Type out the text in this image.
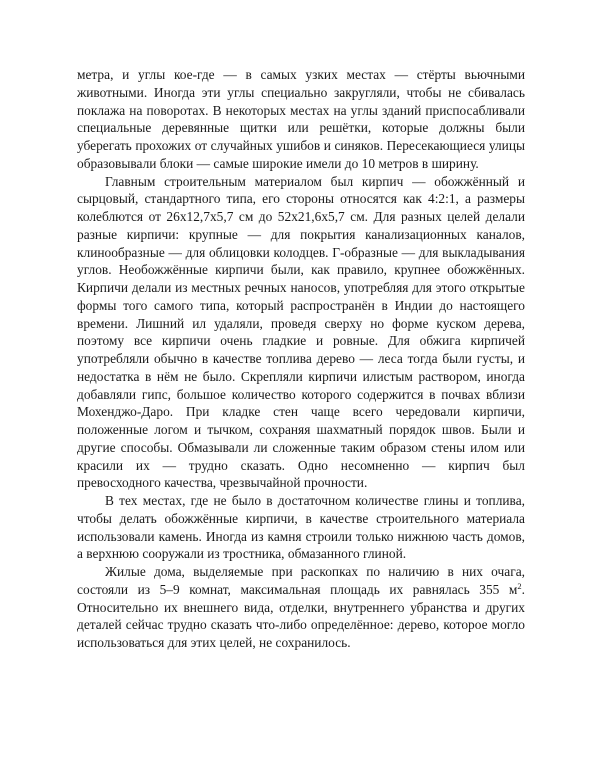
метра, и углы кое-где — в самых узких местах — стёрты вьючными животными. Иногда эти углы специально закругляли, чтобы не сбивалась поклажа на поворотах. В некоторых местах на углы зданий приспосабливали специальные деревянные щитки или решётки, которые должны были уберегать прохожих от случайных ушибов и синяков. Пересекающиеся улицы образовывали блоки — самые широкие имели до 10 метров в ширину.

Главным строительным материалом был кирпич — обожжённый и сырцовый, стандартного типа, его стороны относятся как 4:2:1, а размеры колеблются от 26х12,7х5,7 см до 52х21,6х5,7 см. Для разных целей делали разные кирпичи: крупные — для покрытия канализационных каналов, клинообразные — для облицовки колодцев. Г-образные — для выкладывания углов. Необожжённые кирпичи были, как правило, крупнее обожжённых. Кирпичи делали из местных речных наносов, употребляя для этого открытые формы того самого типа, который распространён в Индии до настоящего времени. Лишний ил удаляли, проведя сверху но форме куском дерева, поэтому все кирпичи очень гладкие и ровные. Для обжига кирпичей употребляли обычно в качестве топлива дерево — леса тогда были густы, и недостатка в нём не было. Скрепляли кирпичи илистым раствором, иногда добавляли гипс, большое количество которого содержится в почвах вблизи Мохенджо-Даро. При кладке стен чаще всего чередовали кирпичи, положенные логом и тычком, сохраняя шахматный порядок швов. Были и другие способы. Обмазывали ли сложенные таким образом стены илом или красили их — трудно сказать. Одно несомненно — кирпич был превосходного качества, чрезвычайной прочности.

В тех местах, где не было в достаточном количестве глины и топлива, чтобы делать обожжённые кирпичи, в качестве строительного материала использовали камень. Иногда из камня строили только нижнюю часть домов, а верхнюю сооружали из тростника, обмазанного глиной.

Жилые дома, выделяемые при раскопках по наличию в них очага, состояли из 5–9 комнат, максимальная площадь их равнялась 355 $м^2$. Относительно их внешнего вида, отделки, внутреннего убранства и других деталей сейчас трудно сказать что-либо определённое: дерево, которое могло использоваться для этих целей, не сохранилось.
